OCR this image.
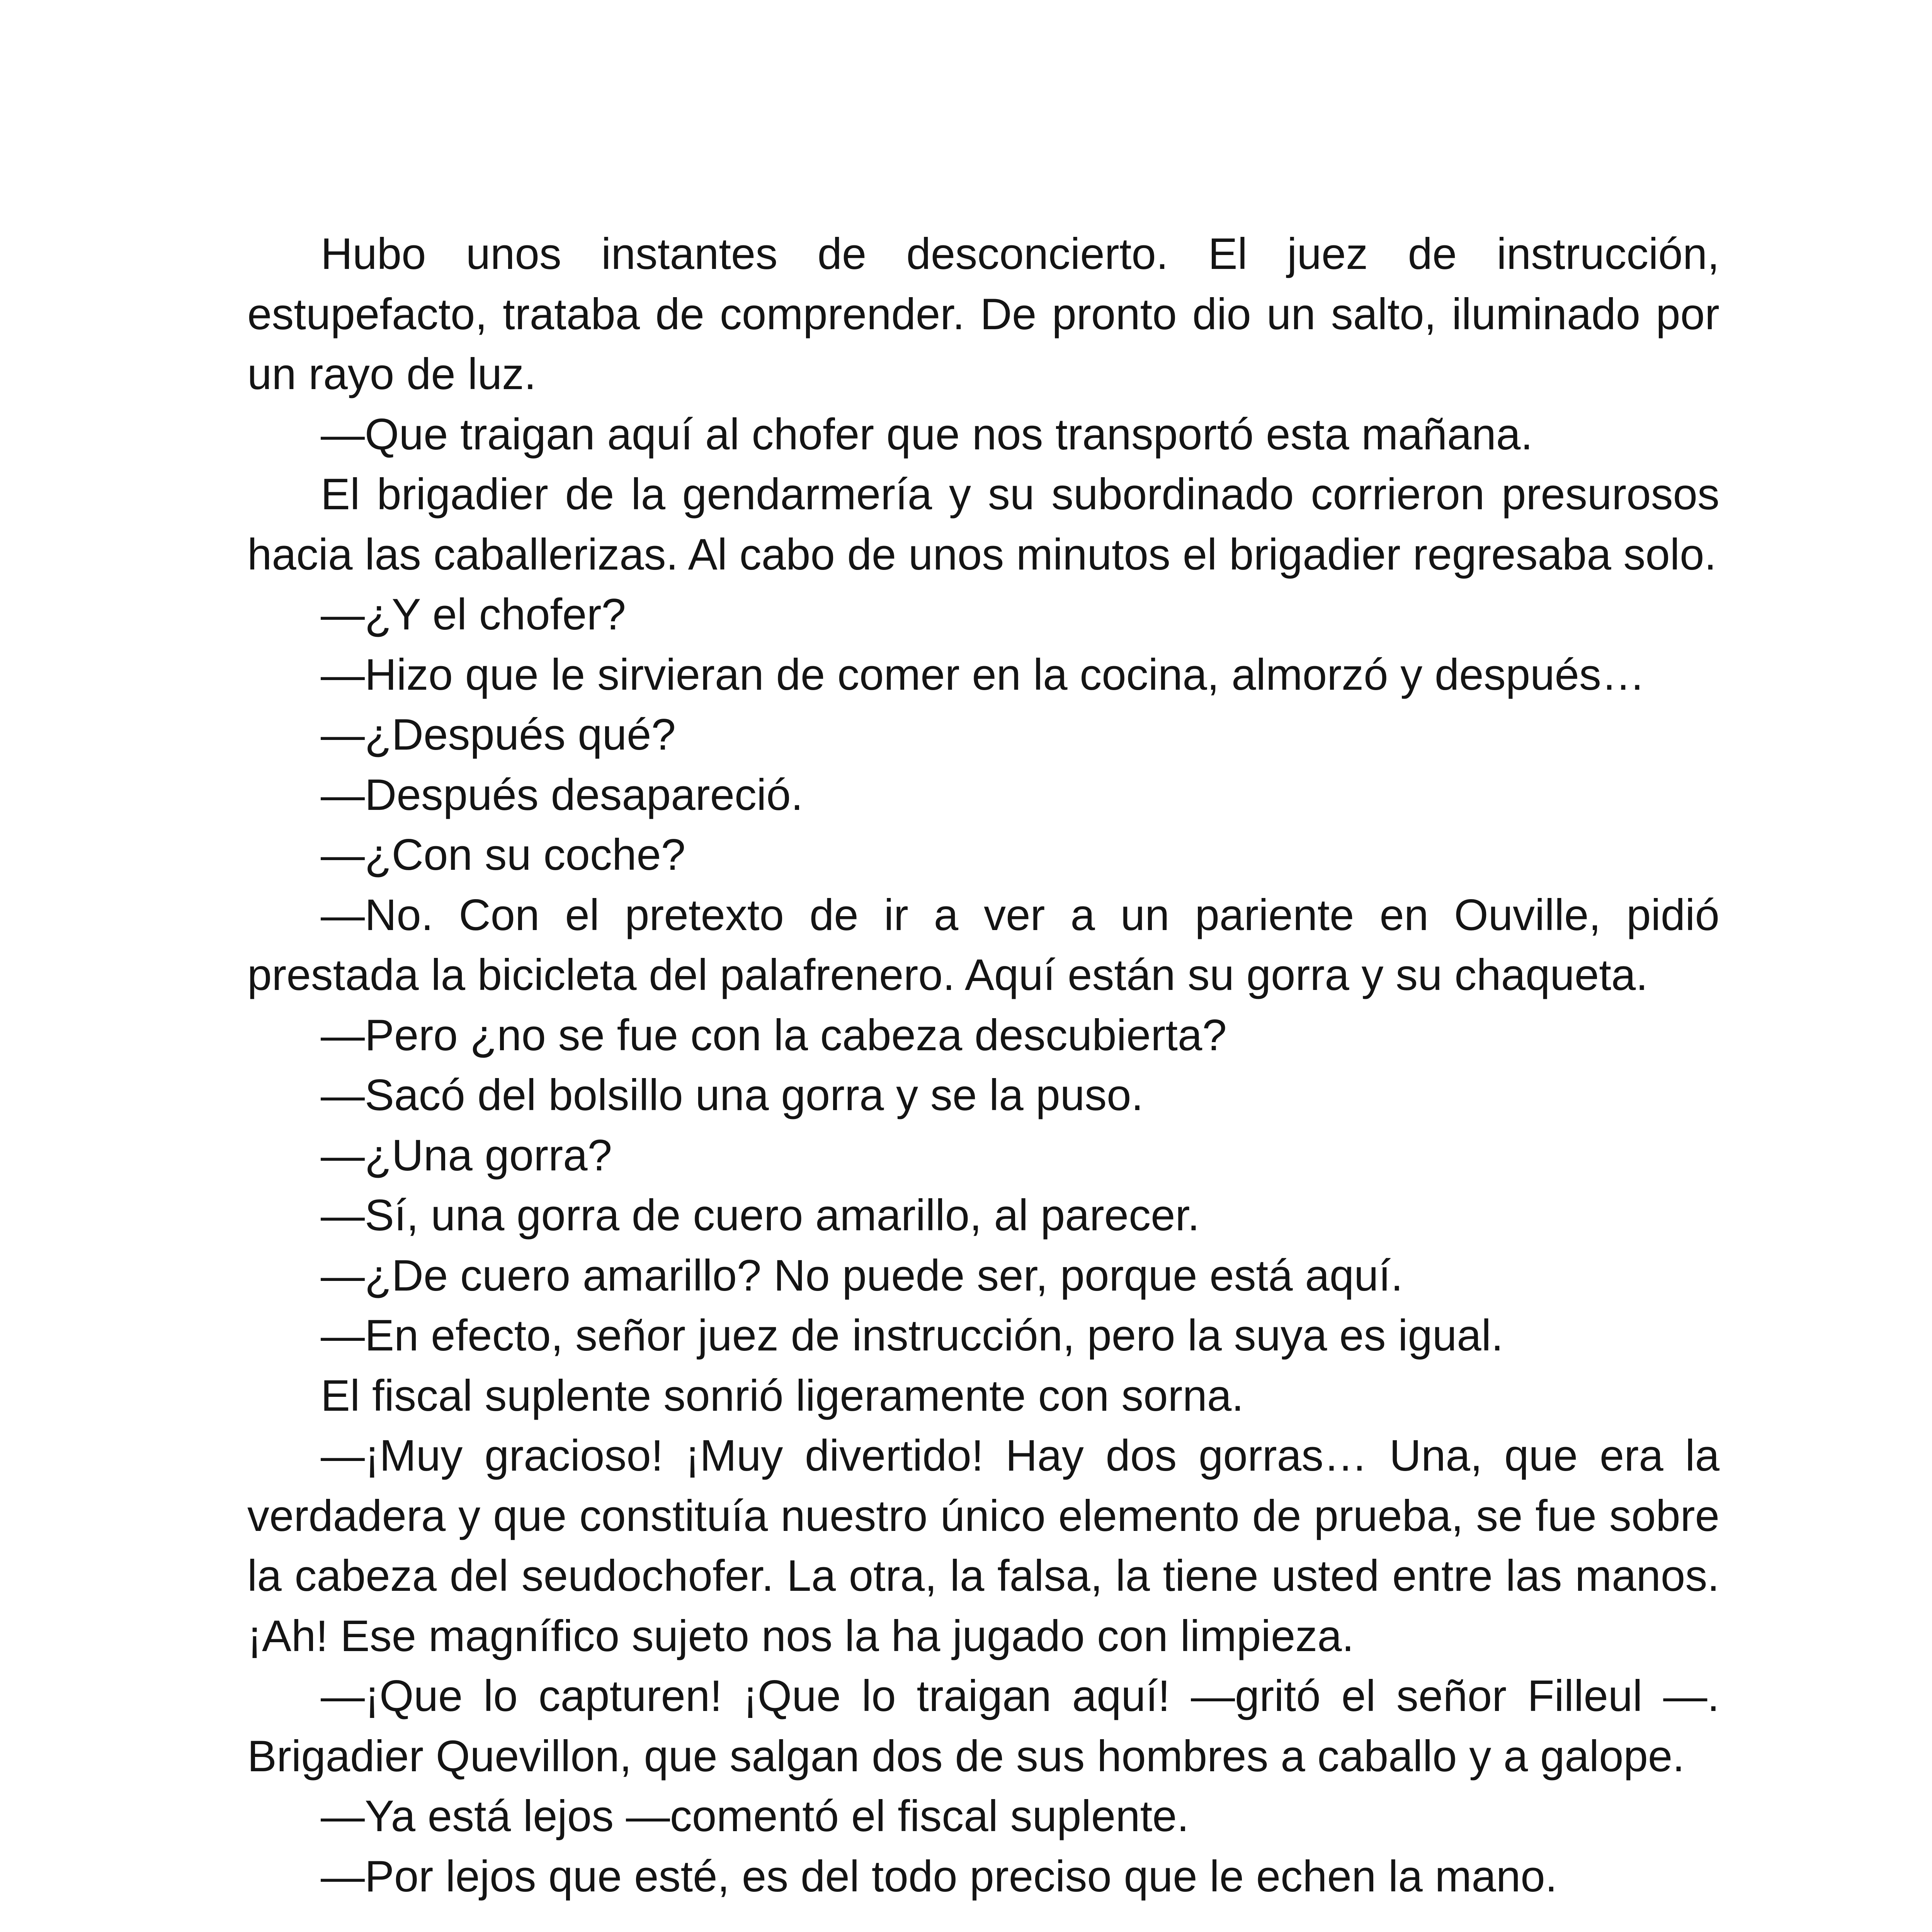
Hubo unos instantes de desconcierto. El juez de instrucción, estupefacto, trataba de comprender. De pronto dio un salto, iluminado por un rayo de luz.

—Que traigan aquí al chofer que nos transportó esta mañana.

El brigadier de la gendarmería y su subordinado corrieron presurosos hacia las caballerizas. Al cabo de unos minutos el brigadier regresaba solo.

—¿Y el chofer?

—Hizo que le sirvieran de comer en la cocina, almorzó y después…

—¿Después qué?

—Después desapareció.

—¿Con su coche?

—No. Con el pretexto de ir a ver a un pariente en Ouville, pidió prestada la bicicleta del palafrenero. Aquí están su gorra y su chaqueta.

—Pero ¿no se fue con la cabeza descubierta?

—Sacó del bolsillo una gorra y se la puso.

—¿Una gorra?

—Sí, una gorra de cuero amarillo, al parecer.

—¿De cuero amarillo? No puede ser, porque está aquí.

—En efecto, señor juez de instrucción, pero la suya es igual.

El fiscal suplente sonrió ligeramente con sorna.

—¡Muy gracioso! ¡Muy divertido! Hay dos gorras… Una, que era la verdadera y que constituía nuestro único elemento de prueba, se fue sobre la cabeza del seudochofer. La otra, la falsa, la tiene usted entre las manos. ¡Ah! Ese magnífico sujeto nos la ha jugado con limpieza.

—¡Que lo capturen! ¡Que lo traigan aquí! —gritó el señor Filleul —. Brigadier Quevillon, que salgan dos de sus hombres a caballo y a galope.

—Ya está lejos —comentó el fiscal suplente.

—Por lejos que esté, es del todo preciso que le echen la mano.
